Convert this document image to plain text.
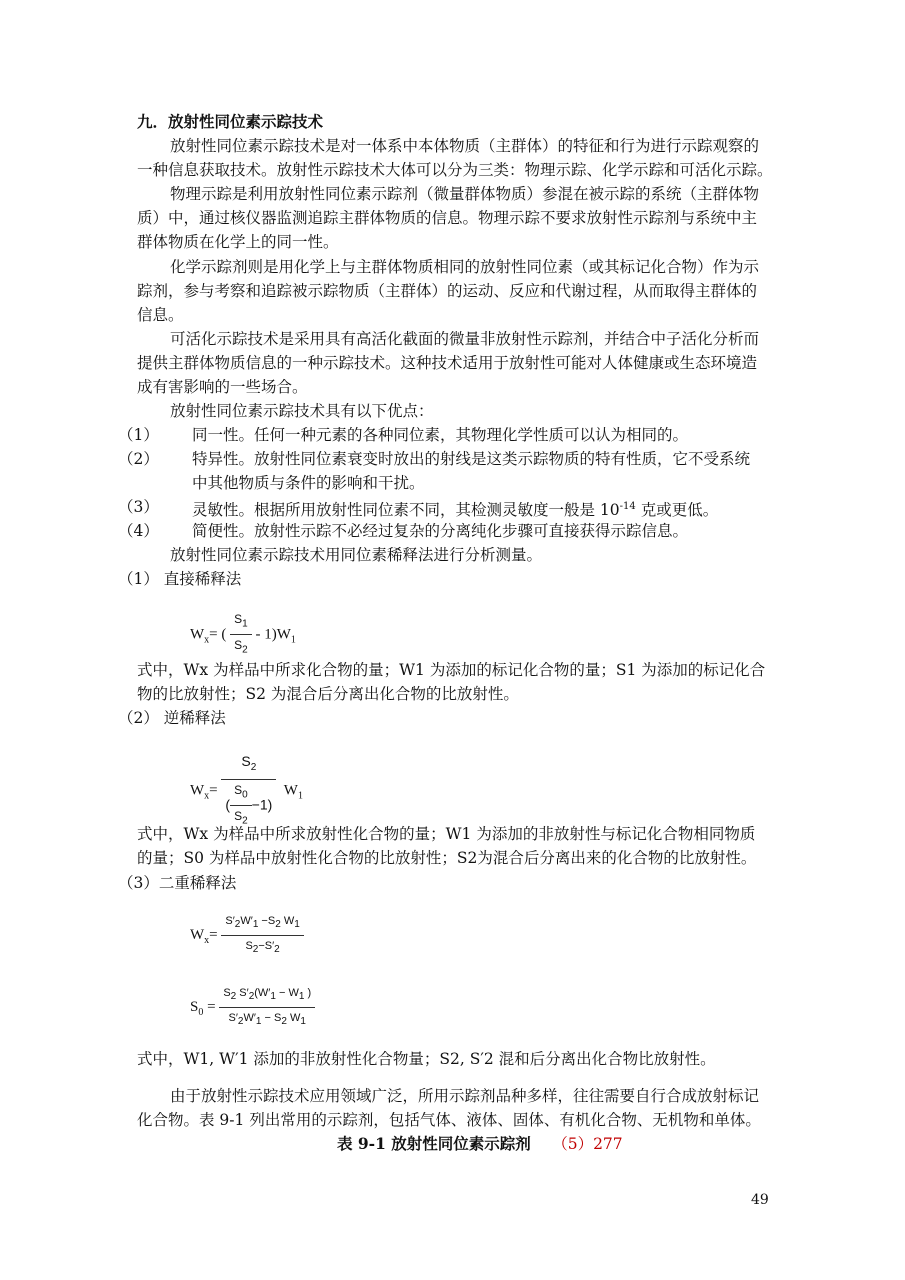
九．放射性同位素示踪技术
放射性同位素示踪技术是对一体系中本体物质（主群体）的特征和行为进行示踪观察的
一种信息获取技术。放射性示踪技术大体可以分为三类：物理示踪、化学示踪和可活化示踪。
物理示踪是利用放射性同位素示踪剂（微量群体物质）参混在被示踪的系统（主群体物
质）中，通过核仪器监测追踪主群体物质的信息。物理示踪不要求放射性示踪剂与系统中主
群体物质在化学上的同一性。
化学示踪剂则是用化学上与主群体物质相同的放射性同位素（或其标记化合物）作为示
踪剂，参与考察和追踪被示踪物质（主群体）的运动、反应和代谢过程，从而取得主群体的
信息。
可活化示踪技术是采用具有高活化截面的微量非放射性示踪剂，并结合中子活化分析而
提供主群体物质信息的一种示踪技术。这种技术适用于放射性可能对人体健康或生态环境造
成有害影响的一些场合。
放射性同位素示踪技术具有以下优点：
（1） 同一性。任何一种元素的各种同位素，其物理化学性质可以认为相同的。
（2） 特异性。放射性同位素衰变时放出的射线是这类示踪物质的特有性质，它不受系统
中其他物质与条件的影响和干扰。
（3） 灵敏性。根据所用放射性同位素不同，其检测灵敏度一般是 $10^{-14}$ 克或更低。
（4） 简便性。放射性示踪不必经过复杂的分离纯化步骤可直接获得示踪信息。
放射性同位素示踪技术用同位素稀释法进行分析测量。
（1） 直接稀释法
$W_x=$ ( $\frac{S_1}{S_2} - 1)W_1$
式中，Wx 为样品中所求化合物的量；W1 为添加的标记化合物的量；S1 为添加的标记化合
物的比放射性；S2 为混合后分离出化合物的比放射性。
（2） 逆稀释法
$W_x= \frac{S_2}{( \frac{S_0}{S_2} -1)} W_1$
式中，Wx 为样品中所求放射性化合物的量；W1 为添加的非放射性与标记化合物相同物质
的量；S0 为样品中放射性化合物的比放射性；S2为混合后分离出来的化合物的比放射性。
（3）二重稀释法
$W_x= \frac{S'_2W'_1 -S_2 W_1}{S_2-S'_2}$
$S_0 = \frac{S_2 S'_2(W'_1 - W_1 )}{S'_2W'_1 - S_2 W_1}$
式中，W1, W′1 添加的非放射性化合物量；S2, S′2 混和后分离出化合物比放射性。
由于放射性示踪技术应用领域广泛，所用示踪剂品种多样，往往需要自行合成放射标记
化合物。表 9-1 列出常用的示踪剂，包括气体、液体、固体、有机化合物、无机物和单体。
表 9-1 放射性同位素示踪剂 （5）277
49
